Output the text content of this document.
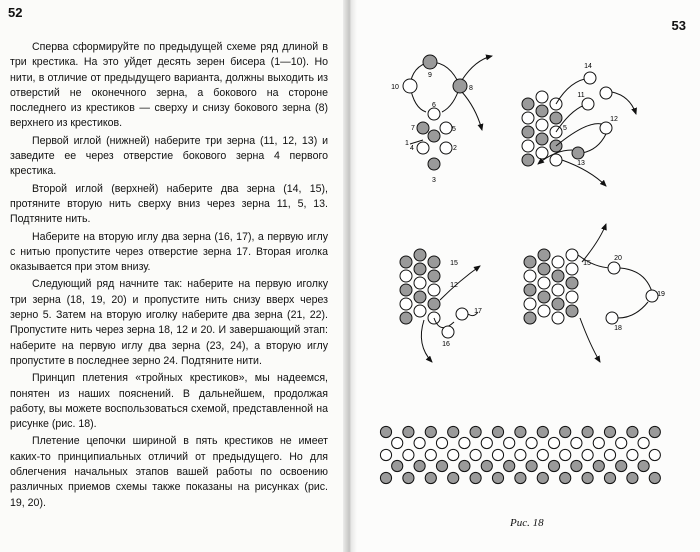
52

Сперва сформируйте по предыдущей схеме ряд длиной в три крестика. На это уйдет десять зерен бисера (1—10). Но нити, в отличие от предыдущего варианта, должны выходить из отверстий не оконечного зерна, а бокового на стороне последнего из крестиков — сверху и снизу бокового зерна (8) верхнего из крестиков.

Первой иглой (нижней) наберите три зерна (11, 12, 13) и заведите ее через отверстие бокового зерна 4 первого крестика.

Второй иглой (верхней) наберите два зерна (14, 15), протяните вторую нить сверху вниз через зерна 11, 5, 13. Подтяните нить.

Наберите на вторую иглу два зерна (16, 17), а первую иглу с нитью пропустите через отверстие зерна 17. Вторая иголка оказывается при этом внизу.

Следующий ряд начните так: наберите на первую иголку три зерна (18, 19, 20) и пропустите нить снизу вверх через зерно 5. Затем на вторую иголку наберите два зерна (21, 22). Пропустите нить через зерна 18, 12 и 20. И завершающий этап: наберите на первую иглу два зерна (23, 24), а вторую иглу пропустите в последнее зерно 24. Подтяните нити.

Принцип плетения «тройных крестиков», мы надеемся, понятен из наших пояснений. В дальнейшем, продолжая работу, вы можете воспользоваться схемой, представленной на рисунке (рис. 18).

Плетение цепочки шириной в пять крестиков не имеет каких-то принципиальных отличий от предыдущего. Но для облегчения начальных этапов вашей работы по освоению различных приемов схемы также показаны на рисунках (рис. 19, 20).

53
9
10	8
6
7	5
1
4	2
3
14
11
5
12
13
15
12
17
16
15
20
19
18
Рис. 18
